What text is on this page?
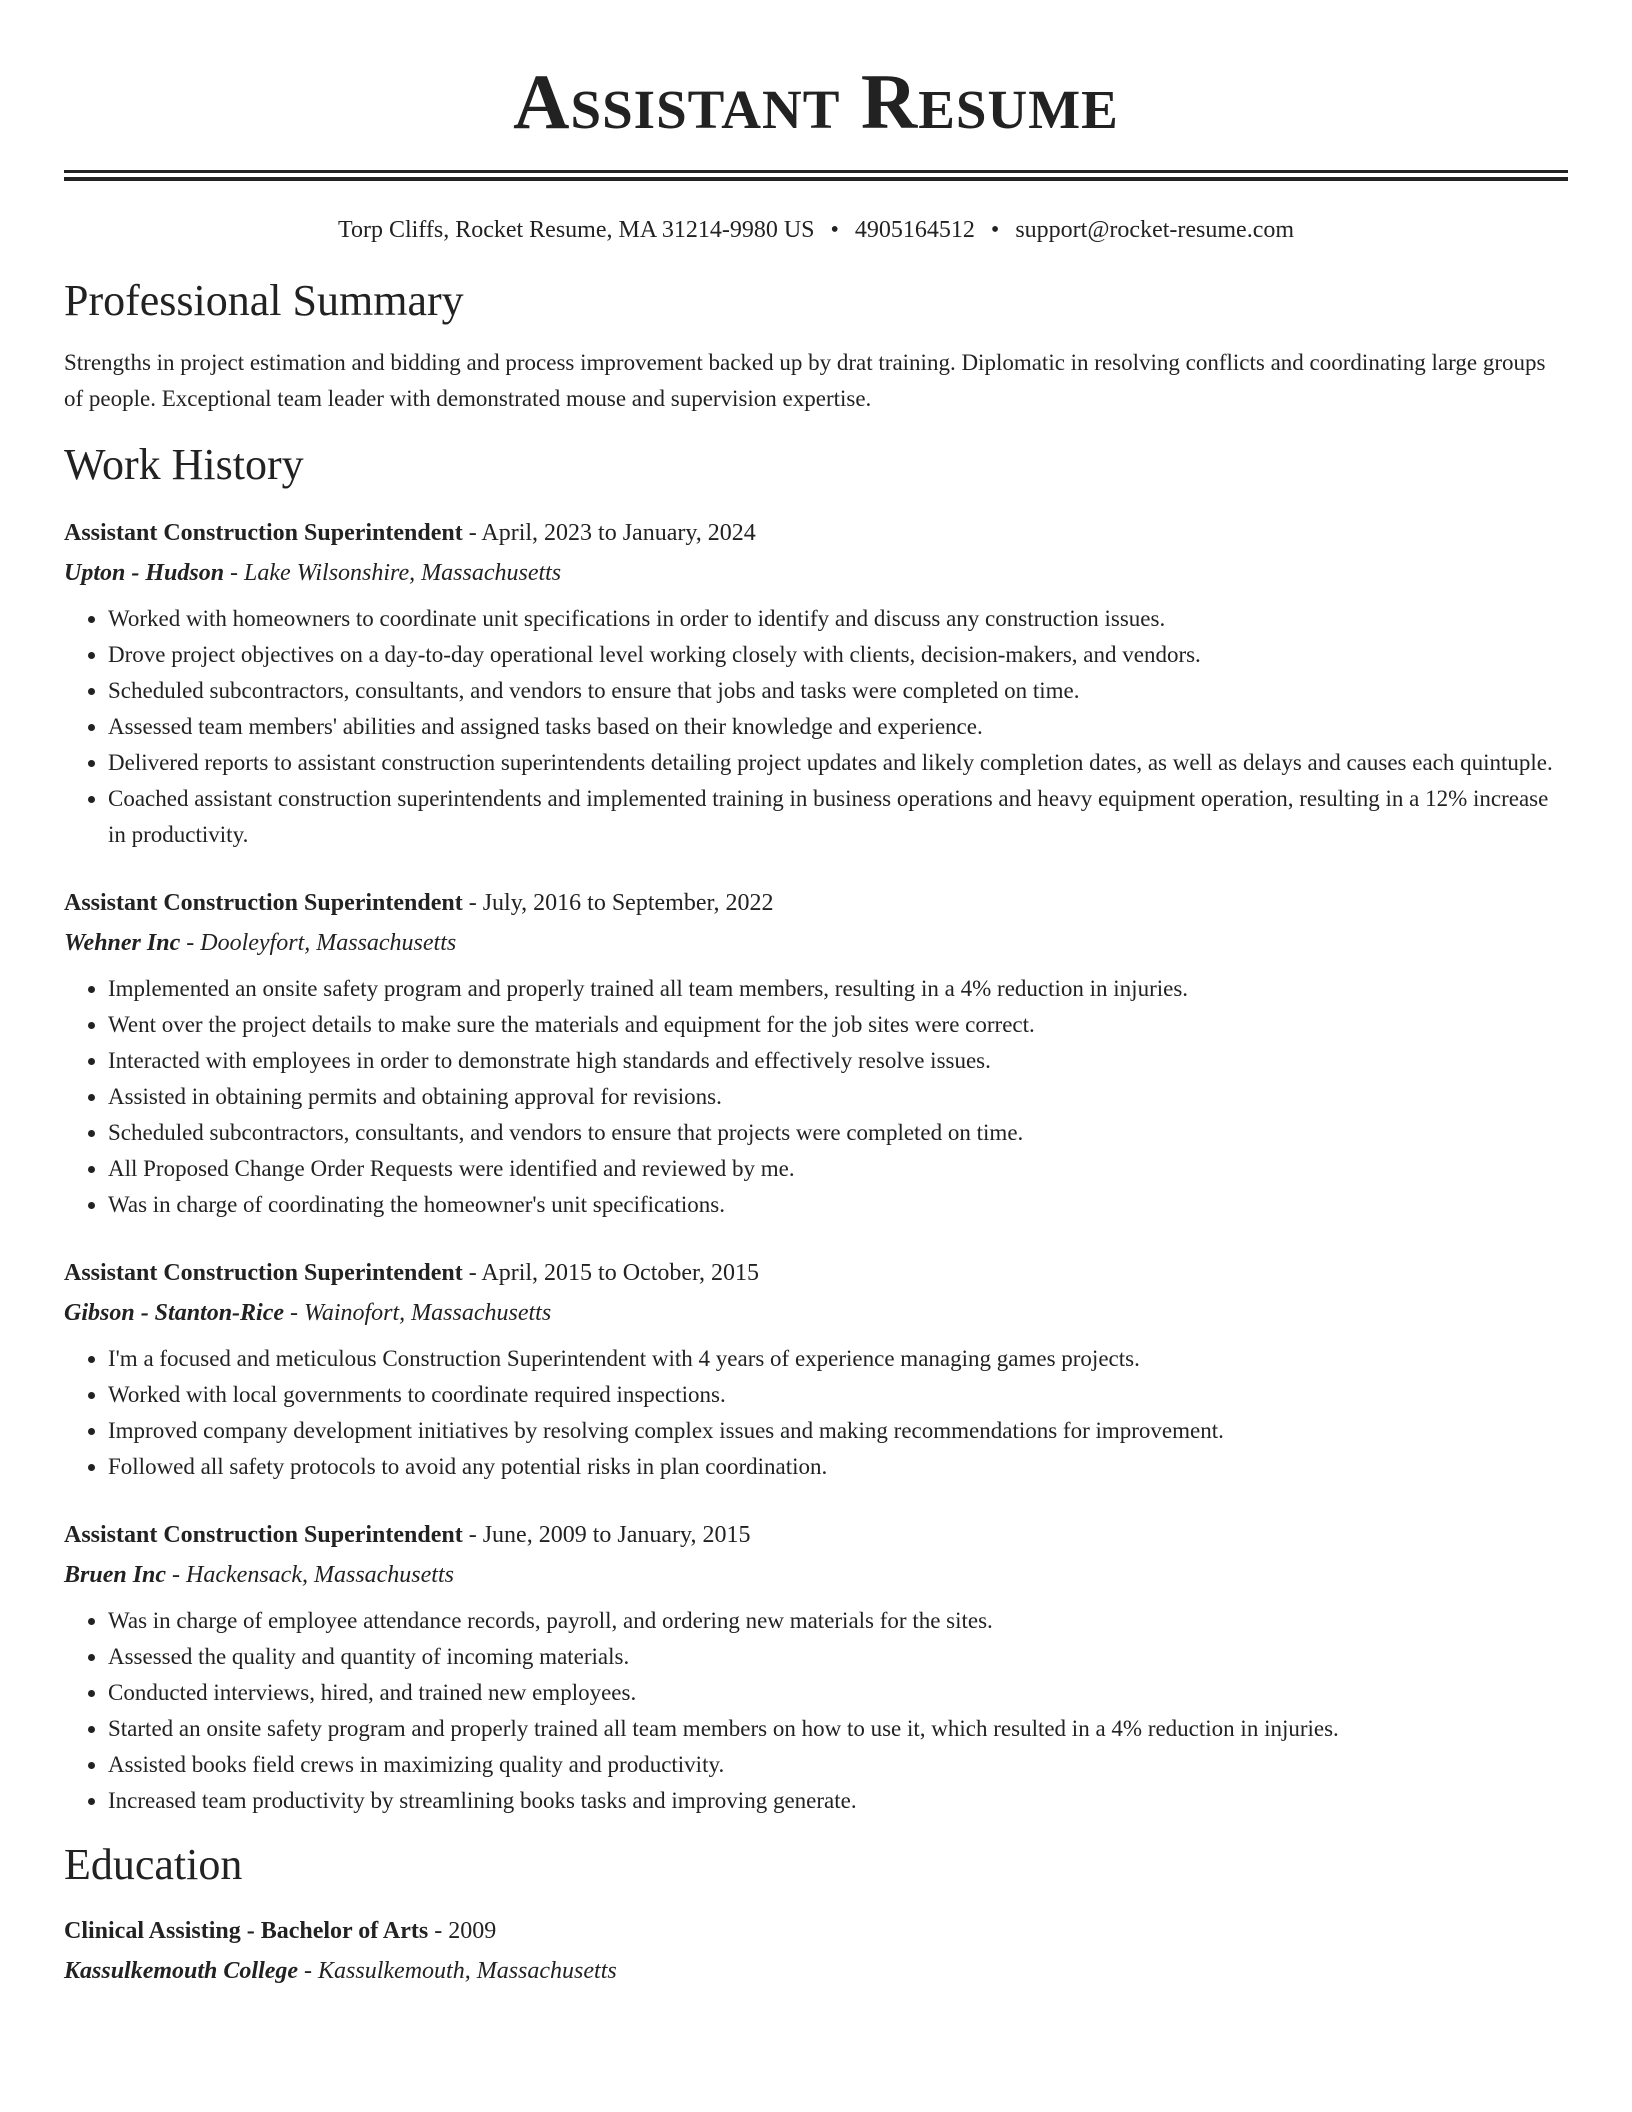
Assistant Resume
Torp Cliffs, Rocket Resume, MA 31214-9980 US • 4905164512 • support@rocket-resume.com
Professional Summary
Strengths in project estimation and bidding and process improvement backed up by drat training. Diplomatic in resolving conflicts and coordinating large groups of people. Exceptional team leader with demonstrated mouse and supervision expertise.
Work History
Assistant Construction Superintendent - April, 2023 to January, 2024
Upton - Hudson - Lake Wilsonshire, Massachusetts
• Worked with homeowners to coordinate unit specifications in order to identify and discuss any construction issues.
• Drove project objectives on a day-to-day operational level working closely with clients, decision-makers, and vendors.
• Scheduled subcontractors, consultants, and vendors to ensure that jobs and tasks were completed on time.
• Assessed team members' abilities and assigned tasks based on their knowledge and experience.
• Delivered reports to assistant construction superintendents detailing project updates and likely completion dates, as well as delays and causes each quintuple.
• Coached assistant construction superintendents and implemented training in business operations and heavy equipment operation, resulting in a 12% increase in productivity.
Assistant Construction Superintendent - July, 2016 to September, 2022
Wehner Inc - Dooleyfort, Massachusetts
• Implemented an onsite safety program and properly trained all team members, resulting in a 4% reduction in injuries.
• Went over the project details to make sure the materials and equipment for the job sites were correct.
• Interacted with employees in order to demonstrate high standards and effectively resolve issues.
• Assisted in obtaining permits and obtaining approval for revisions.
• Scheduled subcontractors, consultants, and vendors to ensure that projects were completed on time.
• All Proposed Change Order Requests were identified and reviewed by me.
• Was in charge of coordinating the homeowner's unit specifications.
Assistant Construction Superintendent - April, 2015 to October, 2015
Gibson - Stanton-Rice - Wainofort, Massachusetts
• I'm a focused and meticulous Construction Superintendent with 4 years of experience managing games projects.
• Worked with local governments to coordinate required inspections.
• Improved company development initiatives by resolving complex issues and making recommendations for improvement.
• Followed all safety protocols to avoid any potential risks in plan coordination.
Assistant Construction Superintendent - June, 2009 to January, 2015
Bruen Inc - Hackensack, Massachusetts
• Was in charge of employee attendance records, payroll, and ordering new materials for the sites.
• Assessed the quality and quantity of incoming materials.
• Conducted interviews, hired, and trained new employees.
• Started an onsite safety program and properly trained all team members on how to use it, which resulted in a 4% reduction in injuries.
• Assisted books field crews in maximizing quality and productivity.
• Increased team productivity by streamlining books tasks and improving generate.
Education
Clinical Assisting - Bachelor of Arts - 2009
Kassulkemouth College - Kassulkemouth, Massachusetts
